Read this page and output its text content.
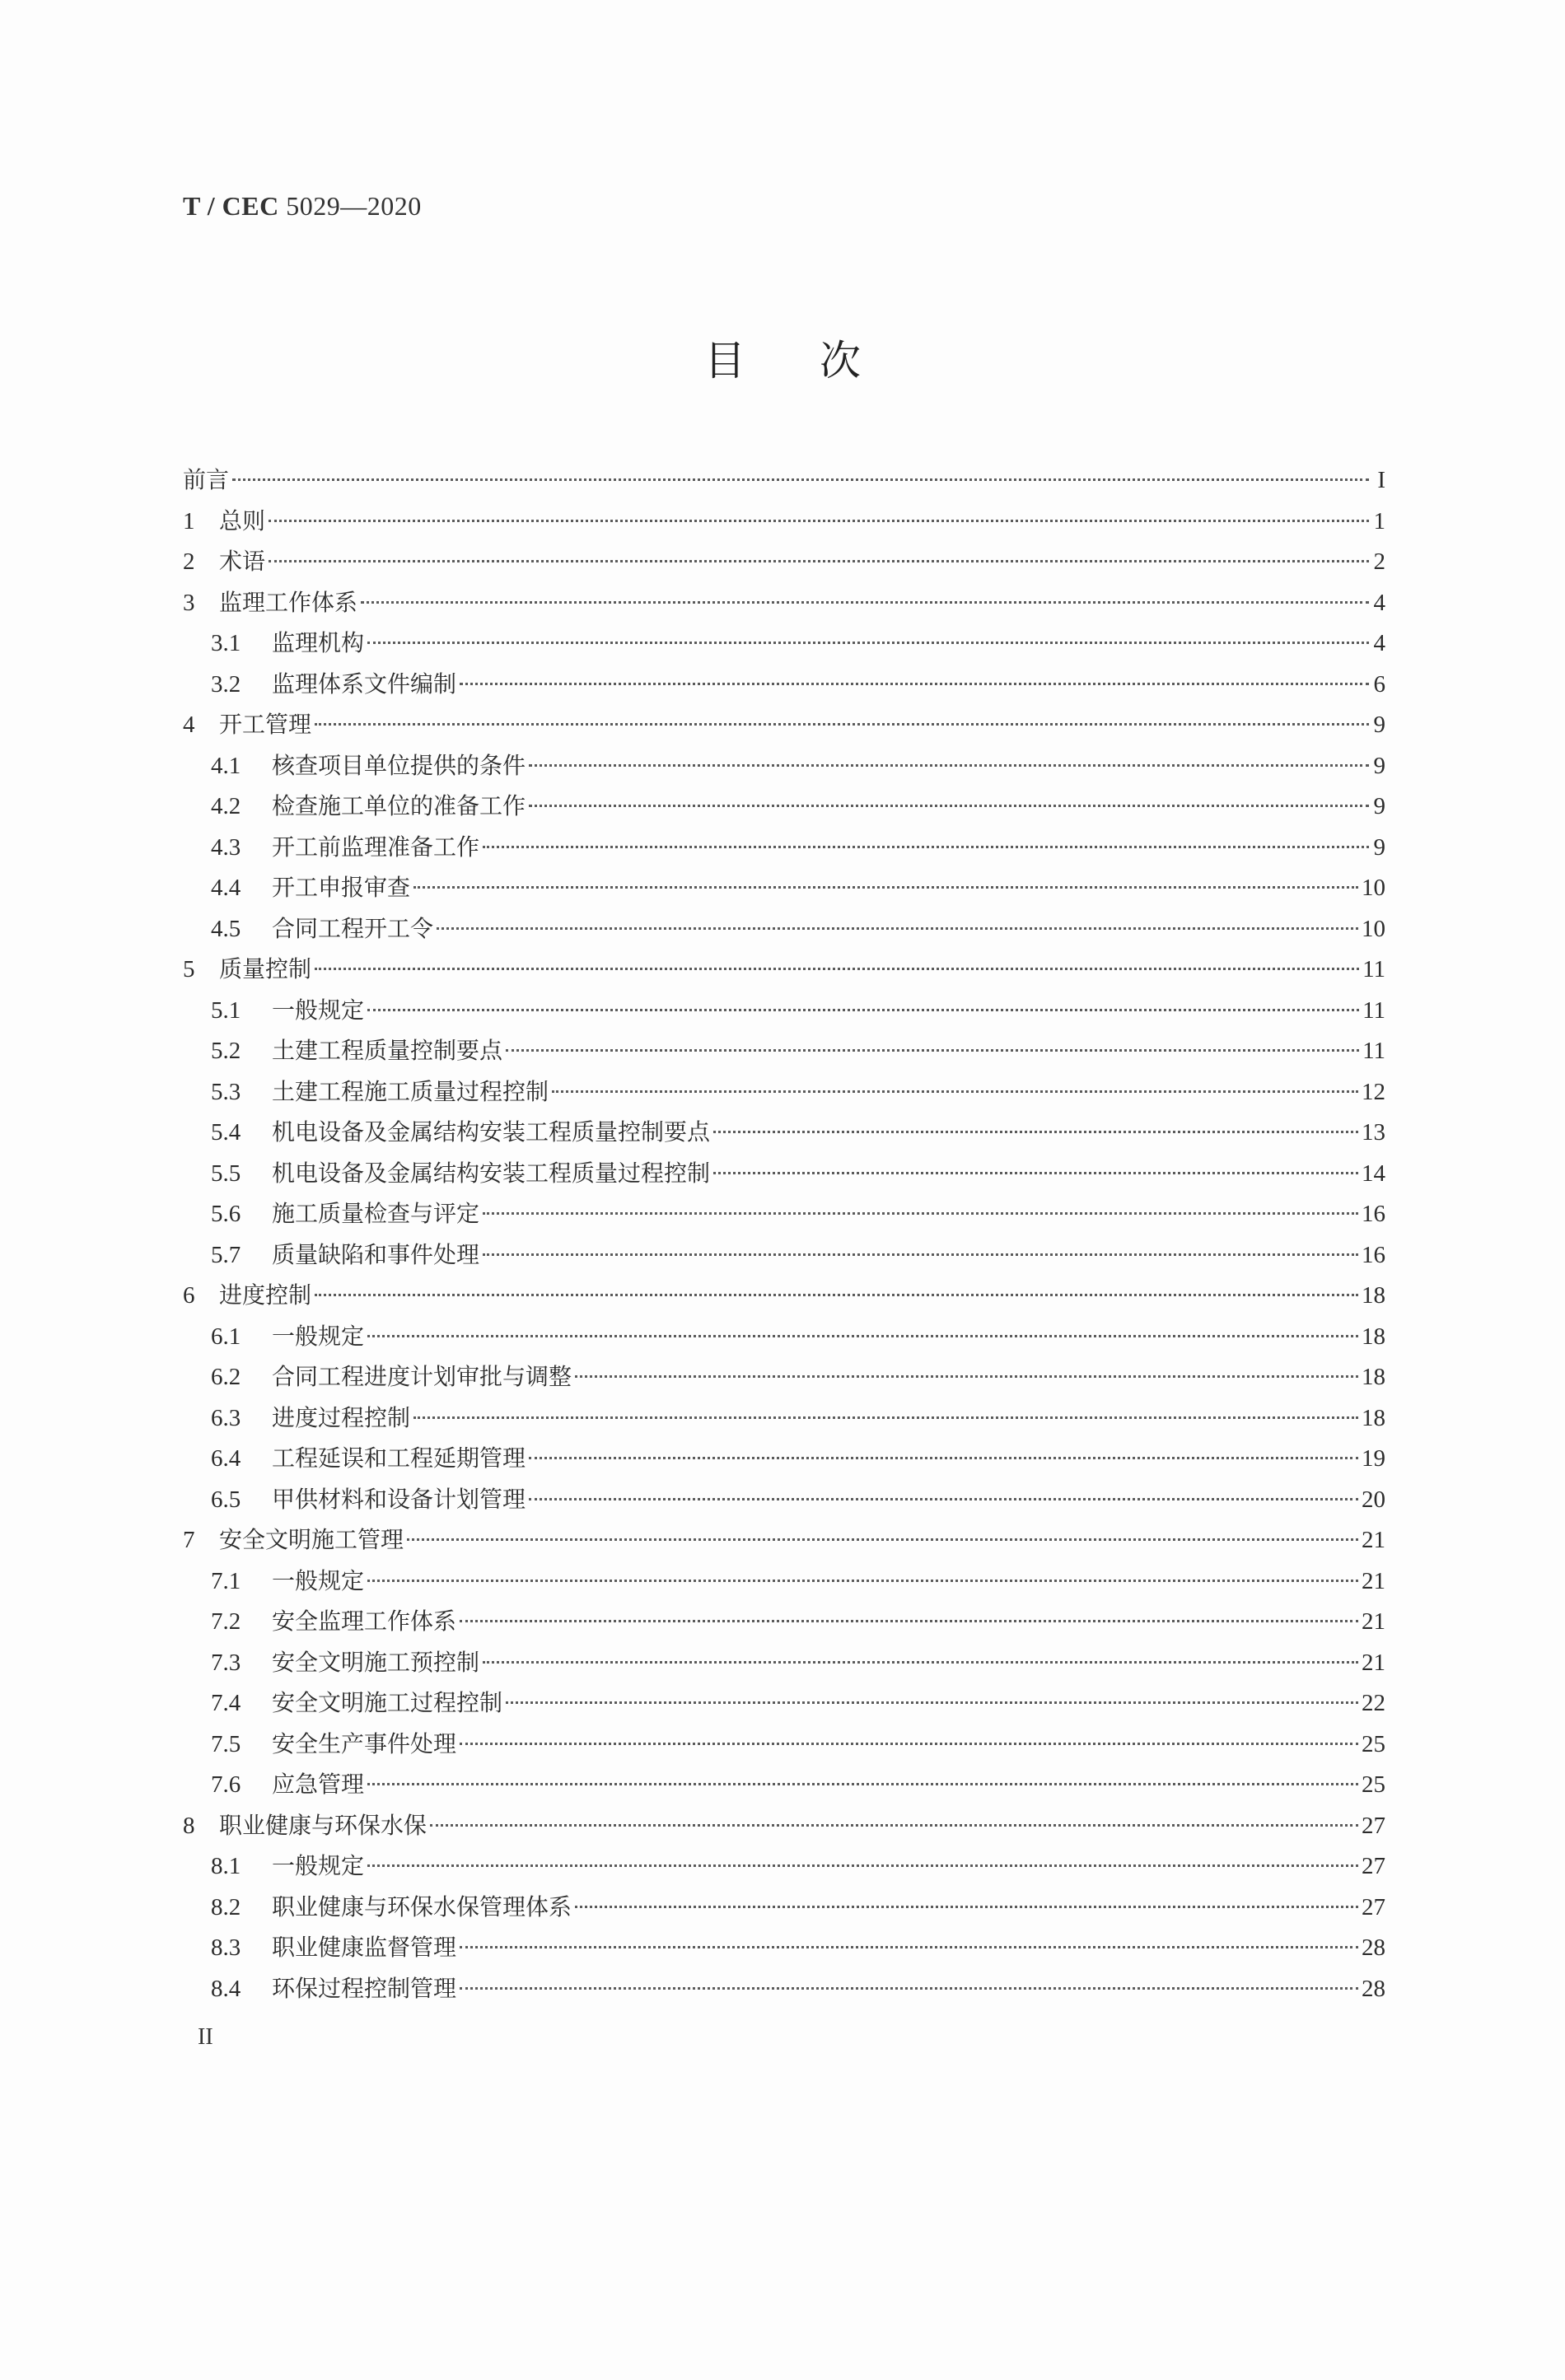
T / CEC 5029—2020
目次
前言	I
1	总则	1
2	术语	2
3	监理工作体系	4
3.1	监理机构	4
3.2	监理体系文件编制	6
4	开工管理	9
4.1	核查项目单位提供的条件	9
4.2	检查施工单位的准备工作	9
4.3	开工前监理准备工作	9
4.4	开工申报审查	10
4.5	合同工程开工令	10
5	质量控制	11
5.1	一般规定	11
5.2	土建工程质量控制要点	11
5.3	土建工程施工质量过程控制	12
5.4	机电设备及金属结构安装工程质量控制要点	13
5.5	机电设备及金属结构安装工程质量过程控制	14
5.6	施工质量检查与评定	16
5.7	质量缺陷和事件处理	16
6	进度控制	18
6.1	一般规定	18
6.2	合同工程进度计划审批与调整	18
6.3	进度过程控制	18
6.4	工程延误和工程延期管理	19
6.5	甲供材料和设备计划管理	20
7	安全文明施工管理	21
7.1	一般规定	21
7.2	安全监理工作体系	21
7.3	安全文明施工预控制	21
7.4	安全文明施工过程控制	22
7.5	安全生产事件处理	25
7.6	应急管理	25
8	职业健康与环保水保	27
8.1	一般规定	27
8.2	职业健康与环保水保管理体系	27
8.3	职业健康监督管理	28
8.4	环保过程控制管理	28
II
